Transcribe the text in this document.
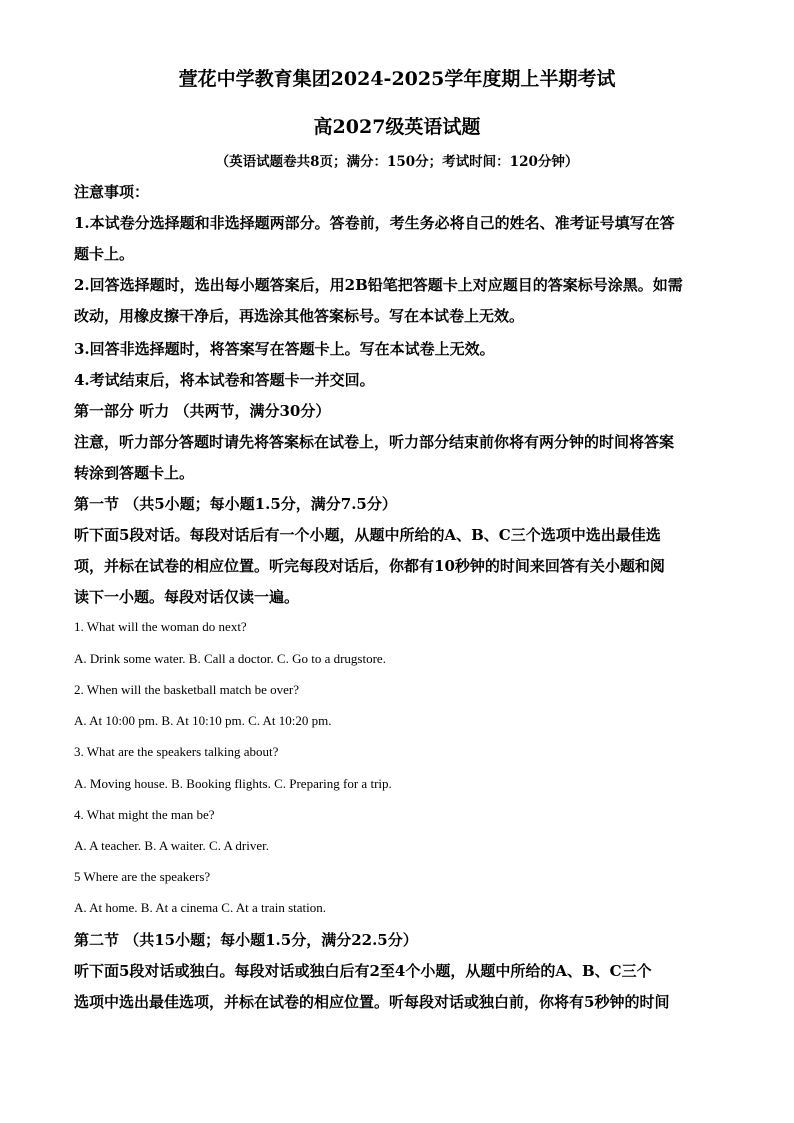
萱花中学教育集团2024-2025学年度期上半期考试
高2027级英语试题
（英语试题卷共8页；满分：150分；考试时间：120分钟）
注意事项：
1.本试卷分选择题和非选择题两部分。答卷前，考生务必将自己的姓名、准考证号填写在答
题卡上。
2.回答选择题时，选出每小题答案后，用2B铅笔把答题卡上对应题目的答案标号涂黑。如需
改动，用橡皮擦干净后，再选涂其他答案标号。写在本试卷上无效。
3.回答非选择题时，将答案写在答题卡上。写在本试卷上无效。
4.考试结束后，将本试卷和答题卡一并交回。
第一部分 听力 （共两节，满分30分）
注意，听力部分答题时请先将答案标在试卷上，听力部分结束前你将有两分钟的时间将答案
转涂到答题卡上。
第一节 （共5小题；每小题1.5分，满分7.5分）
听下面5段对话。每段对话后有一个小题，从题中所给的A、B、C三个选项中选出最佳选
项，并标在试卷的相应位置。听完每段对话后，你都有10秒钟的时间来回答有关小题和阅
读下一小题。每段对话仅读一遍。
1. What will the woman do next?
A. Drink some water. B. Call a doctor. C. Go to a drugstore.
2. When will the basketball match be over?
A. At 10:00 pm. B. At 10:10 pm. C. At 10:20 pm.
3. What are the speakers talking about?
A. Moving house. B. Booking flights. C. Preparing for a trip.
4. What might the man be?
A. A teacher. B. A waiter. C. A driver.
5 Where are the speakers?
A. At home. B. At a cinema C. At a train station.
第二节 （共15小题；每小题1.5分，满分22.5分）
听下面5段对话或独白。每段对话或独白后有2至4个小题，从题中所给的A、B、C三个
选项中选出最佳选项，并标在试卷的相应位置。听每段对话或独白前，你将有5秒钟的时间
